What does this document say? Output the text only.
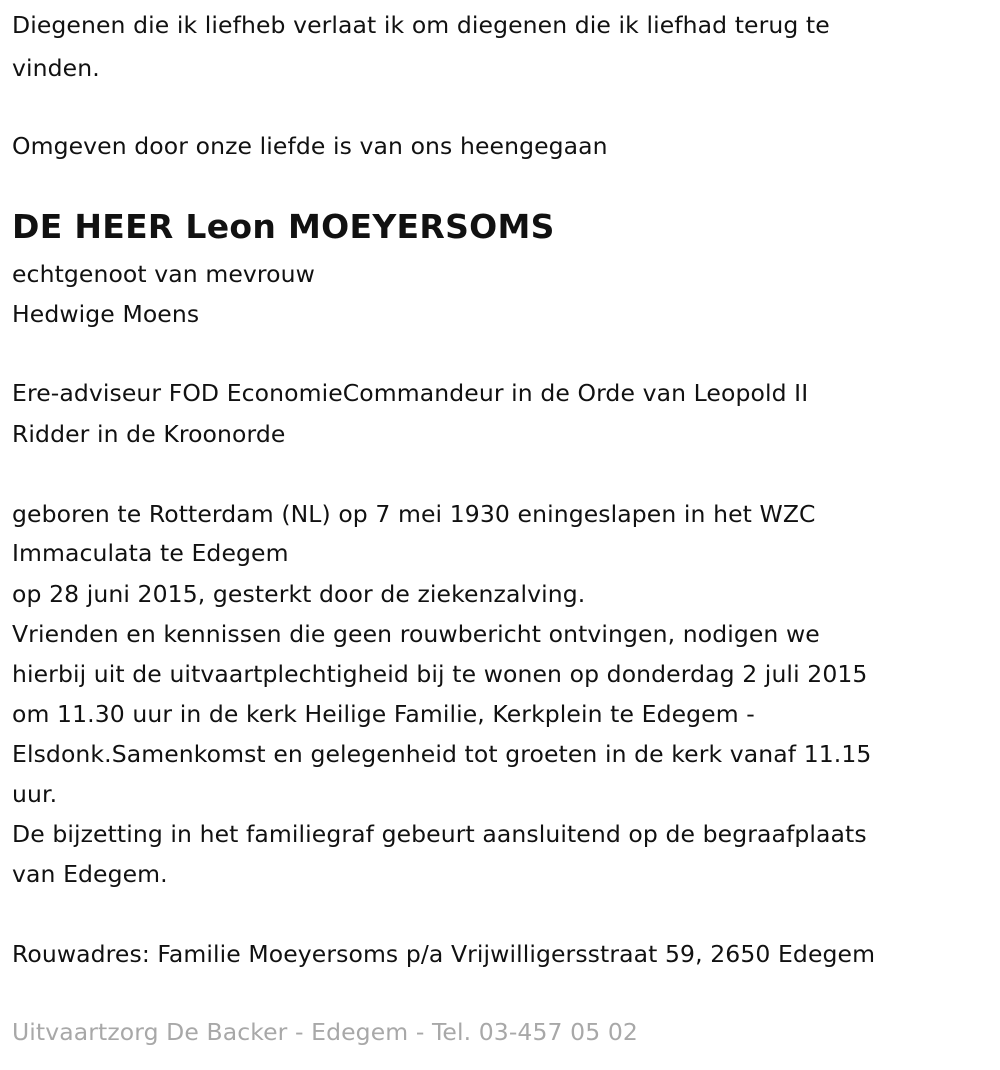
Diegenen die ik liefheb verlaat ik om diegenen die ik liefhad terug te
vinden.
Omgeven door onze liefde is van ons heengegaan
DE HEER Leon MOEYERSOMS
echtgenoot van mevrouw
Hedwige Moens
Ere-adviseur FOD EconomieCommandeur in de Orde van Leopold II
Ridder in de Kroonorde
geboren te Rotterdam (NL) op 7 mei 1930 eningeslapen in het WZC
Immaculata te Edegem
op 28 juni 2015, gesterkt door de ziekenzalving.
Vrienden en kennissen die geen rouwbericht ontvingen, nodigen we
hierbij uit de uitvaartplechtigheid bij te wonen op donderdag 2 juli 2015
om 11.30 uur in de kerk Heilige Familie, Kerkplein te Edegem -
Elsdonk.Samenkomst en gelegenheid tot groeten in de kerk vanaf 11.15
uur.
De bijzetting in het familiegraf gebeurt aansluitend op de begraafplaats
van Edegem.
Rouwadres: Familie Moeyersoms p/a Vrijwilligersstraat 59, 2650 Edegem
Uitvaartzorg De Backer - Edegem - Tel. 03-457 05 02
